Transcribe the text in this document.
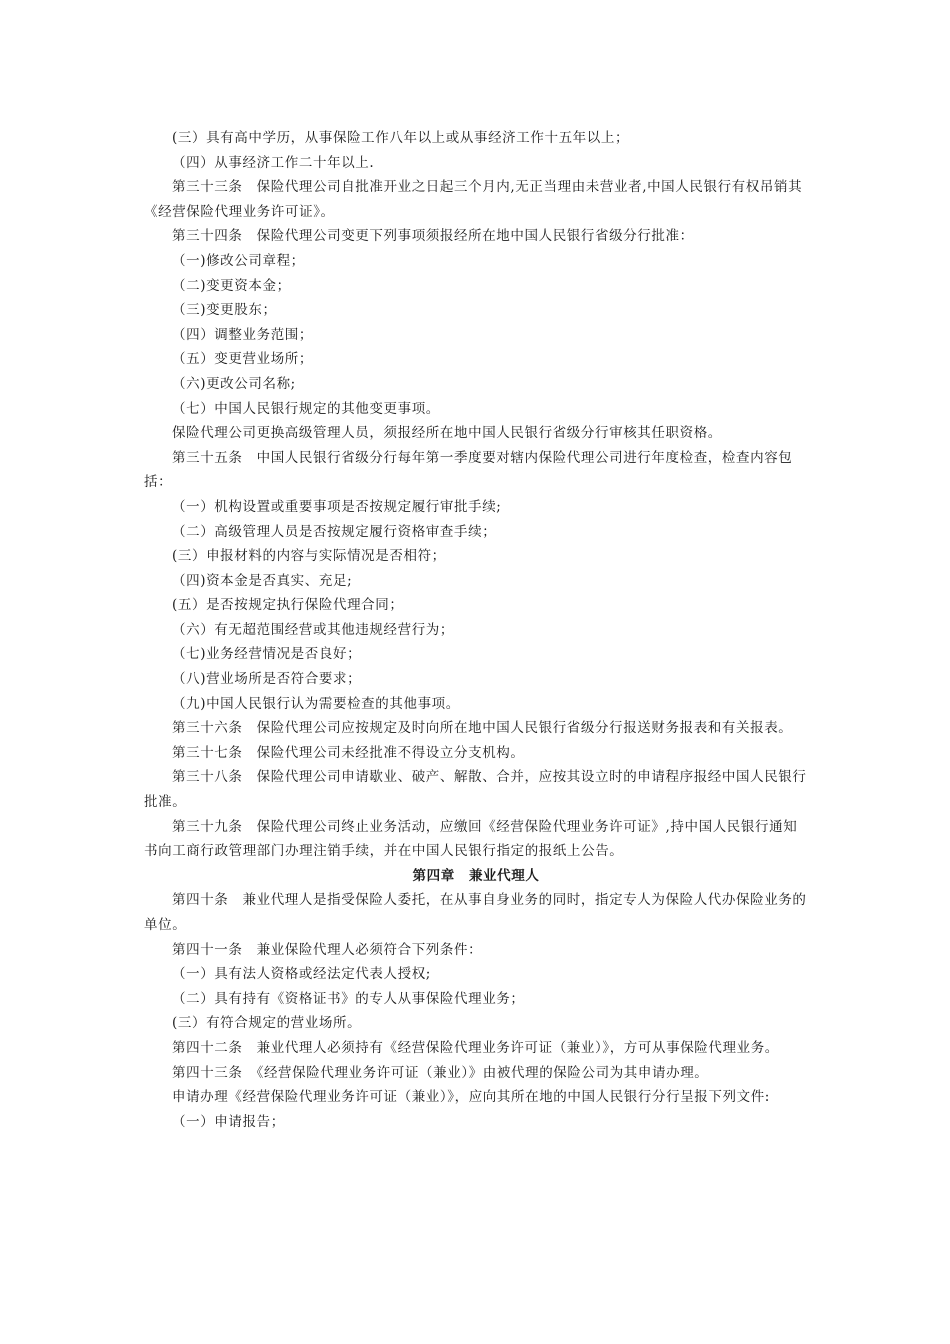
(三）具有高中学历，从事保险工作八年以上或从事经济工作十五年以上；

（四）从事经济工作二十年以上.

第三十三条　保险代理公司自批准开业之日起三个月内,无正当理由未营业者,中国人民银行有权吊销其《经营保险代理业务许可证》。

第三十四条　保险代理公司变更下列事项须报经所在地中国人民银行省级分行批准：

（一)修改公司章程；

（二)变更资本金；

（三)变更股东；

（四）调整业务范围；

（五）变更营业场所；

（六)更改公司名称;

（七）中国人民银行规定的其他变更事项。

保险代理公司更换高级管理人员，须报经所在地中国人民银行省级分行审核其任职资格。

第三十五条　中国人民银行省级分行每年第一季度要对辖内保险代理公司进行年度检查，检查内容包括：

（一）机构设置或重要事项是否按规定履行审批手续;

（二）高级管理人员是否按规定履行资格审查手续；

(三）申报材料的内容与实际情况是否相符；

（四)资本金是否真实、充足;

(五）是否按规定执行保险代理合同；

（六）有无超范围经营或其他违规经营行为；

（七)业务经营情况是否良好；

（八)营业场所是否符合要求；

（九)中国人民银行认为需要检查的其他事项。

第三十六条　保险代理公司应按规定及时向所在地中国人民银行省级分行报送财务报表和有关报表。

第三十七条　保险代理公司未经批准不得设立分支机构。

第三十八条　保险代理公司申请歇业、破产、解散、合并，应按其设立时的申请程序报经中国人民银行批准。

第三十九条　保险代理公司终止业务活动，应缴回《经营保险代理业务许可证》,持中国人民银行通知书向工商行政管理部门办理注销手续，并在中国人民银行指定的报纸上公告。

第四章　兼业代理人

第四十条　兼业代理人是指受保险人委托，在从事自身业务的同时，指定专人为保险人代办保险业务的单位。

第四十一条　兼业保险代理人必须符合下列条件：

（一）具有法人资格或经法定代表人授权;

（二）具有持有《资格证书》的专人从事保险代理业务；

(三）有符合规定的营业场所。

第四十二条　兼业代理人必须持有《经营保险代理业务许可证（兼业）》，方可从事保险代理业务。

第四十三条　《经营保险代理业务许可证（兼业）》由被代理的保险公司为其申请办理。

申请办理《经营保险代理业务许可证（兼业）》，应向其所在地的中国人民银行分行呈报下列文件:

（一）申请报告；
